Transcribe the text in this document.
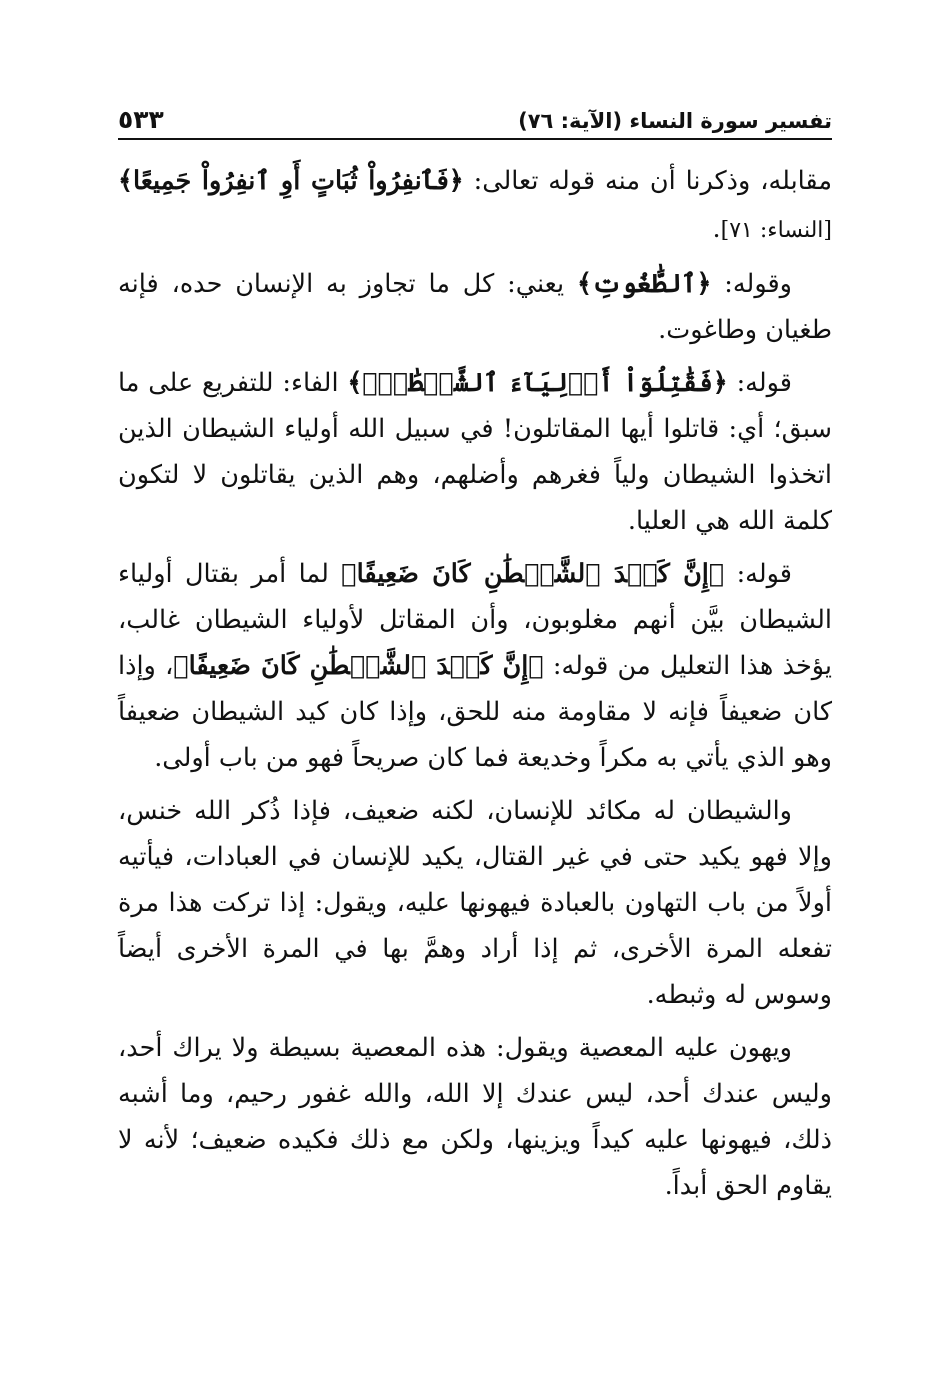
تفسير سورة النساء (الآية: ٧٦)
٥٣٣

مقابله، وذكرنا أن منه قوله تعالى: ﴿فَٱنفِرُواْ ثُبَاتٍ أَوِ ٱنفِرُواْ جَمِيعًا﴾ [النساء: ٧١].

وقوله: ﴿ٱلطَّٰغُوتِ﴾ يعني: كل ما تجاوز به الإنسان حده، فإنه طغيان وطاغوت.

قوله: ﴿فَقَٰتِلُوٓاْ أَوۡلِيَآءَ ٱلشَّيۡطَٰنِۖ﴾ الفاء: للتفريع على ما سبق؛ أي: قاتلوا أيها المقاتلون! في سبيل الله أولياء الشيطان الذين اتخذوا الشيطان ولياً فغرهم وأضلهم، وهم الذين يقاتلون لا لتكون كلمة الله هي العليا.

قوله: ﴿إِنَّ كَيۡدَ ٱلشَّيۡطَٰنِ كَانَ ضَعِيفًا﴾ لما أمر بقتال أولياء الشيطان بيَّن أنهم مغلوبون، وأن المقاتل لأولياء الشيطان غالب، يؤخذ هذا التعليل من قوله: ﴿إِنَّ كَيۡدَ ٱلشَّيۡطَٰنِ كَانَ ضَعِيفًا﴾، وإذا كان ضعيفاً فإنه لا مقاومة منه للحق، وإذا كان كيد الشيطان ضعيفاً وهو الذي يأتي به مكراً وخديعة فما كان صريحاً فهو من باب أولى.

والشيطان له مكائد للإنسان، لكنه ضعيف، فإذا ذُكر الله خنس، وإلا فهو يكيد حتى في غير القتال، يكيد للإنسان في العبادات، فيأتيه أولاً من باب التهاون بالعبادة فيهونها عليه، ويقول: إذا تركت هذا مرة تفعله المرة الأخرى، ثم إذا أراد وهمَّ بها في المرة الأخرى أيضاً وسوس له وثبطه.

ويهون عليه المعصية ويقول: هذه المعصية بسيطة ولا يراك أحد، وليس عندك أحد، ليس عندك إلا الله، والله غفور رحيم، وما أشبه ذلك، فيهونها عليه كيداً ويزينها، ولكن مع ذلك فكيده ضعيف؛ لأنه لا يقاوم الحق أبداً.
